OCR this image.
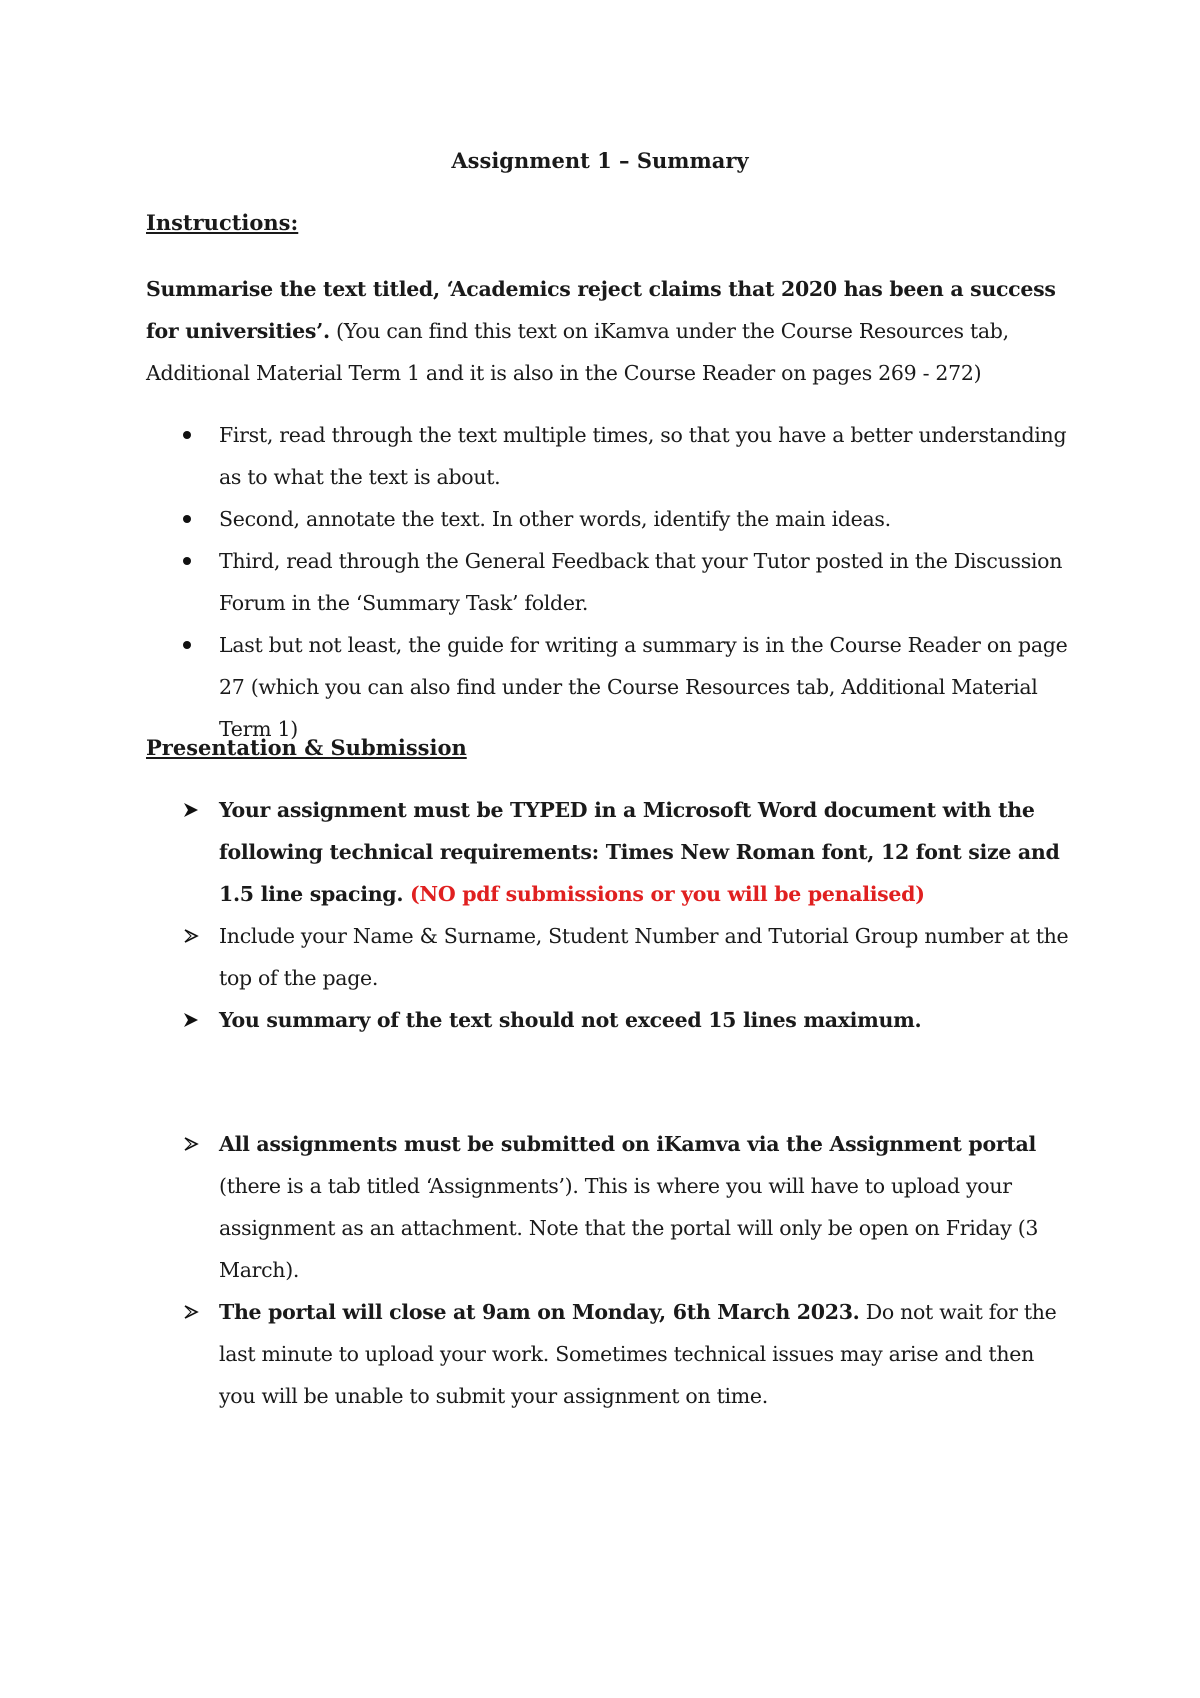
Assignment 1 – Summary
Instructions:

Summarise the text titled, ‘Academics reject claims that 2020 has been a success for universities’. (You can find this text on iKamva under the Course Resources tab, Additional Material Term 1 and it is also in the Course Reader on pages 269 - 272)

First, read through the text multiple times, so that you have a better understanding as to what the text is about.
Second, annotate the text. In other words, identify the main ideas.
Third, read through the General Feedback that your Tutor posted in the Discussion Forum in the ‘Summary Task’ folder.
Last but not least, the guide for writing a summary is in the Course Reader on page 27 (which you can also find under the Course Resources tab, Additional Material Term 1)
Presentation & Submission
Your assignment must be TYPED in a Microsoft Word document with the following technical requirements: Times New Roman font, 12 font size and 1.5 line spacing. (NO pdf submissions or you will be penalised)
Include your Name & Surname, Student Number and Tutorial Group number at the top of the page.
You summary of the text should not exceed 15 lines maximum.
All assignments must be submitted on iKamva via the Assignment portal (there is a tab titled ‘Assignments’). This is where you will have to upload your assignment as an attachment. Note that the portal will only be open on Friday (3 March).
The portal will close at 9am on Monday, 6th March 2023. Do not wait for the last minute to upload your work. Sometimes technical issues may arise and then you will be unable to submit your assignment on time.
